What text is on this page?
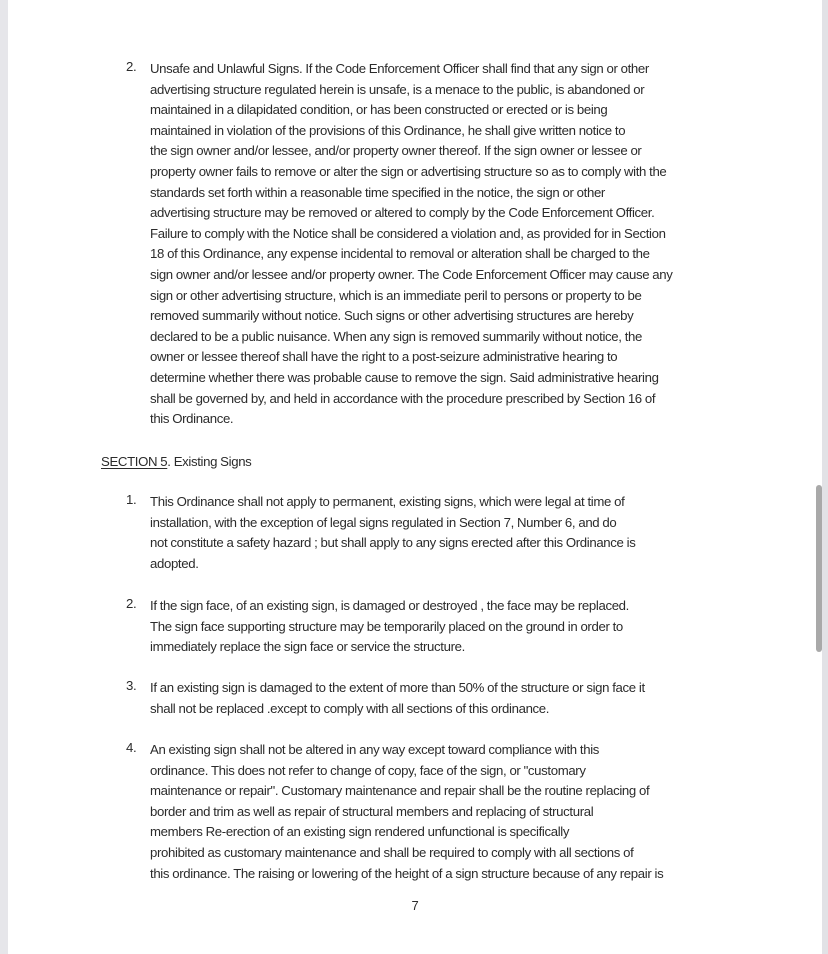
2.	Unsafe and Unlawful Signs. If the Code Enforcement Officer shall find that any sign or other
advertising structure regulated herein is unsafe, is a menace to the public, is abandoned or
maintained in a dilapidated condition, or has been constructed or erected or is being
maintained in violation of the provisions of this Ordinance, he shall give written notice to
the sign owner and/or lessee, and/or property owner thereof. If the sign owner or lessee or
property owner fails to remove or alter the sign or advertising structure so as to comply with the
standards set forth within a reasonable time specified in the notice, the sign or other
advertising structure may be removed or altered to comply by the Code Enforcement Officer.
Failure to comply with the Notice shall be considered a violation and, as provided for in Section
18 of this Ordinance, any expense incidental to removal or alteration shall be charged to the
sign owner and/or lessee and/or property owner. The Code Enforcement Officer may cause any
sign or other advertising structure, which is an immediate peril to persons or property to be
removed summarily without notice. Such signs or other advertising structures are hereby
declared to be a public nuisance. When any sign is removed summarily without notice, the
owner or lessee thereof shall have the right to a post-seizure administrative hearing to
determine whether there was probable cause to remove the sign. Said administrative hearing
shall be governed by, and held in accordance with the procedure prescribed by Section 16 of
this Ordinance.
SECTION 5. Existing Signs
1.	This Ordinance shall not apply to permanent, existing signs, which were legal at time of
installation, with the exception of legal signs regulated in Section 7, Number 6, and do
not constitute a safety hazard ; but shall apply to any signs erected after this Ordinance is
adopted.
2.	If the sign face, of an existing sign, is damaged or destroyed , the face may be replaced.
The sign face supporting structure may be temporarily placed on the ground in order to
immediately replace the sign face or service the structure.
3.	If an existing sign is damaged to the extent of more than 50% of the structure or sign face it
shall not be replaced .except to comply with all sections of this ordinance.
4.	An existing sign shall not be altered in any way except toward compliance with this
ordinance. This does not refer to change of copy, face of the sign, or "customary
maintenance or repair". Customary maintenance and repair shall be the routine replacing of
border and trim as well as repair of structural members and replacing of structural
members Re-erection of an existing sign rendered unfunctional is specifically
prohibited as customary maintenance and shall be required to comply with all sections of
this ordinance. The raising or lowering of the height of a sign structure because of any repair is
7
